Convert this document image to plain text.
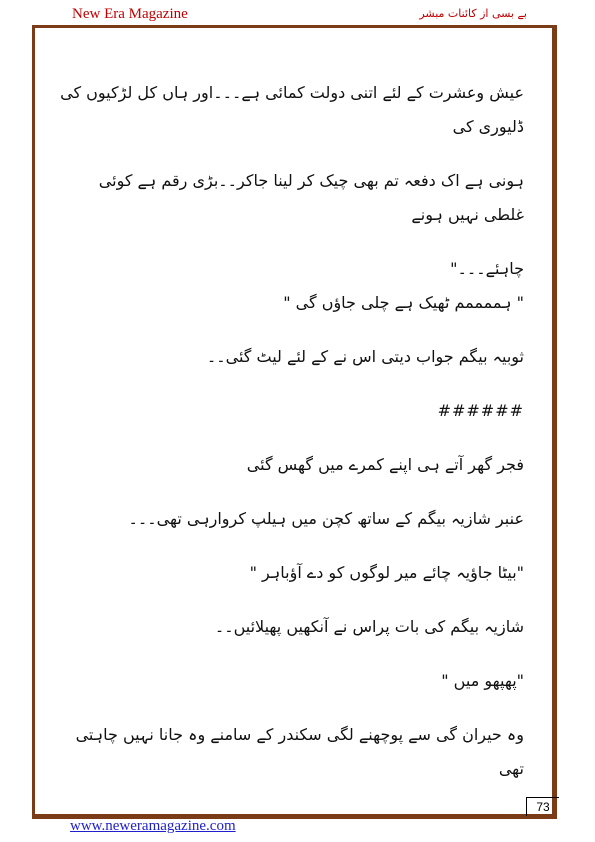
New Era Magazine	بے بسی از کائنات مبشر

عیش وعشرت کے لئے اتنی دولت کمائی ہے۔۔۔اور ہاں کل لڑکیوں کی ڈلیوری کی

ہونی ہے اک دفعہ تم بھی چیک کر لینا جاکر۔۔بڑی رقم ہے کوئی غلطی نہیں ہونے

چاہئے۔۔۔"

" ہممممم ٹھیک ہے چلی جاؤں گی "

ثوبیہ بیگم جواب دیتی اس نے کے لئے لیٹ گئی۔۔

######

فجر گھر آتے ہی اپنے کمرے میں گھس گئی

عنبر شازیہ بیگم کے ساتھ کچن میں ہیلپ کروارہی تھی۔۔۔

"بیٹا جاؤیہ چائے میر لوگوں کو دے آؤباہر "

شازیہ بیگم کی بات پراس نے آنکھیں پھیلائیں۔۔

"پھپھو میں "

وہ حیران گی سے پوچھنے لگی سکندر کے سامنے وہ جانا نہیں چاہتی تھی

73
www.neweramagazine.com
